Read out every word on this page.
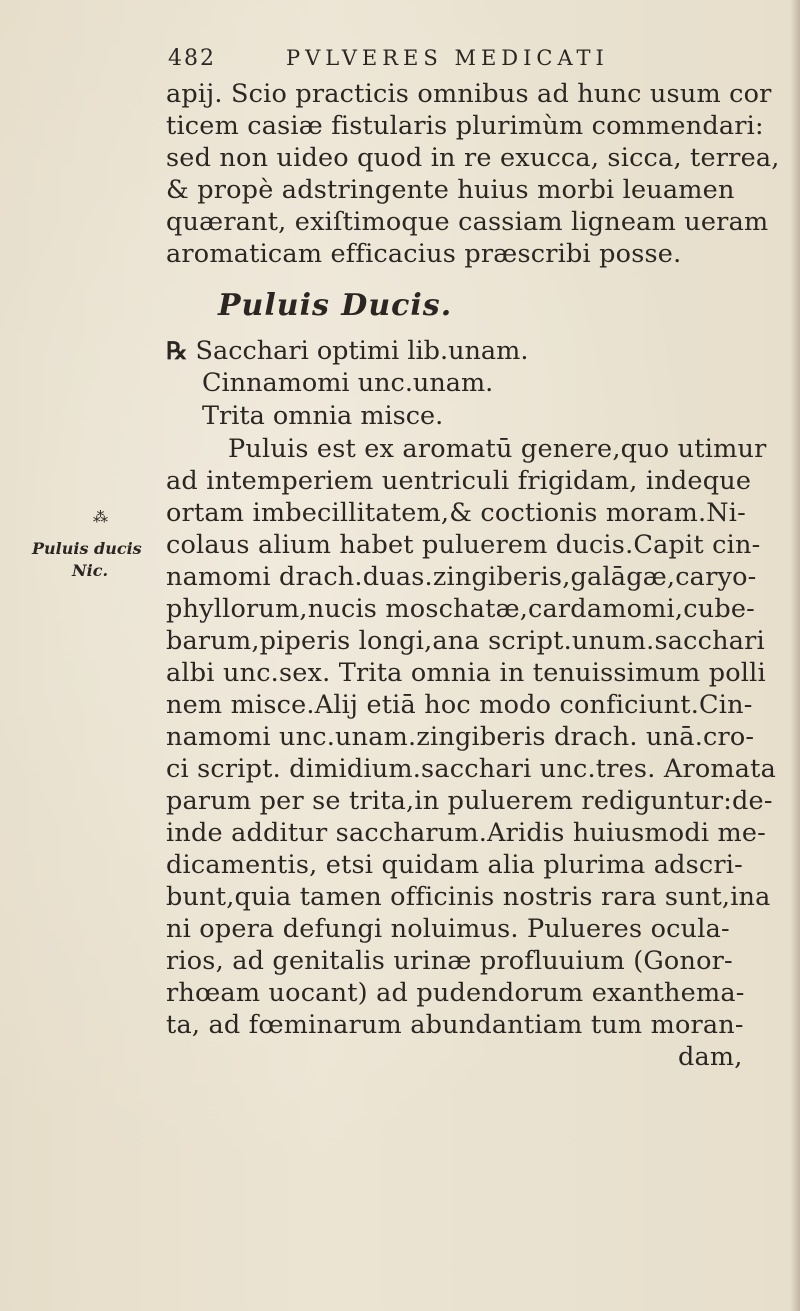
482	PVLVERES MEDICATI
⁂
Puluis ducis
Nic.
apij. Scio practicis omnibus ad hunc usum cor
ticem casiæ fistularis plurimùm commendari:
sed non uideo quod in re exucca, sicca, terrea,
& propè adstringente huius morbi leuamen
quærant, exiſtimoque cassiam ligneam ueram
aromaticam efficacius præscribi posse.
Puluis Ducis.
℞ Sacchari optimi lib.unam.
Cinnamomi unc.unam.
Trita omnia misce.
Puluis est ex aromatū genere,quo utimur
ad intemperiem uentriculi frigidam, indeque
ortam imbecillitatem,& coctionis moram.Ni-
colaus alium habet puluerem ducis.Capit cin-
namomi drach.duas.zingiberis,galāgæ,caryo-
phyllorum,nucis moschatæ,cardamomi,cube-
barum,piperis longi,ana script.unum.sacchari
albi unc.sex. Trita omnia in tenuissimum polli
nem misce.Alij etiā hoc modo conficiunt.Cin-
namomi unc.unam.zingiberis drach. unā.cro-
ci script. dimidium.sacchari unc.tres. Aromata
parum per se trita,in puluerem rediguntur:de-
inde additur saccharum.Aridis huiusmodi me-
dicamentis, etsi quidam alia plurima adscri-
bunt,quia tamen officinis nostris rara sunt,ina
ni opera defungi noluimus. Pulueres ocula-
rios, ad genitalis urinæ profluuium (Gonor-
rhœam uocant) ad pudendorum exanthema-
ta, ad fœminarum abundantiam tum moran-
dam,
